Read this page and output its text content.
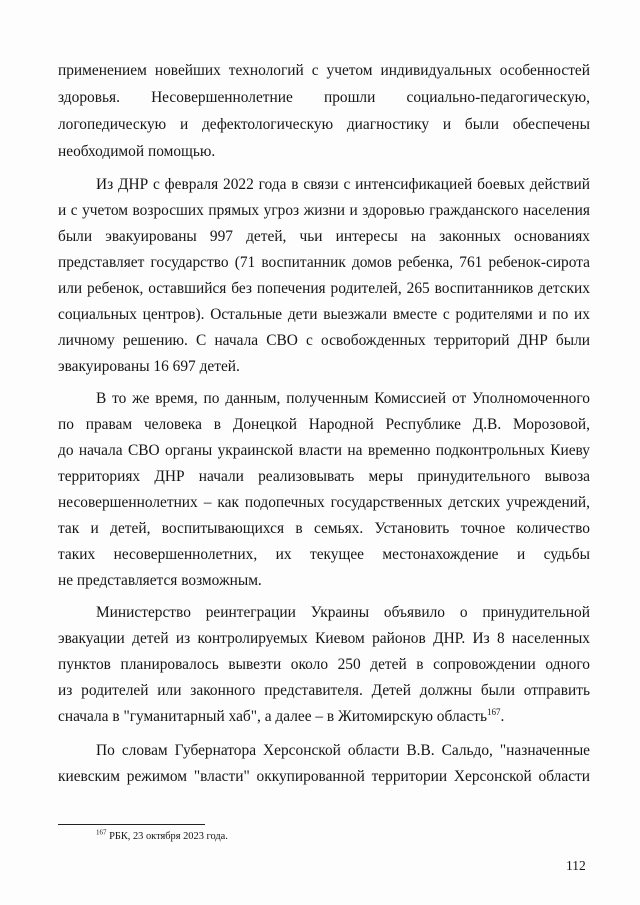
применением новейших технологий с учетом индивидуальных особенностей
здоровья. Несовершеннолетние прошли социально-педагогическую,
логопедическую и дефектологическую диагностику и были обеспечены
необходимой помощью.
Из ДНР с февраля 2022 года в связи с интенсификацией боевых действий
и с учетом возросших прямых угроз жизни и здоровью гражданского населения
были эвакуированы 997 детей, чьи интересы на законных основаниях
представляет государство (71 воспитанник домов ребенка, 761 ребенок-сирота
или ребенок, оставшийся без попечения родителей, 265 воспитанников детских
социальных центров). Остальные дети выезжали вместе с родителями и по их
личному решению. С начала СВО с освобожденных территорий ДНР были
эвакуированы 16 697 детей.
В то же время, по данным, полученным Комиссией от Уполномоченного
по правам человека в Донецкой Народной Республике Д.В. Морозовой,
до начала СВО органы украинской власти на временно подконтрольных Киеву
территориях ДНР начали реализовывать меры принудительного вывоза
несовершеннолетних – как подопечных государственных детских учреждений,
так и детей, воспитывающихся в семьях. Установить точное количество
таких несовершеннолетних, их текущее местонахождение и судьбы
не представляется возможным.
Министерство реинтеграции Украины объявило о принудительной
эвакуации детей из контролируемых Киевом районов ДНР. Из 8 населенных
пунктов планировалось вывезти около 250 детей в сопровождении одного
из родителей или законного представителя. Детей должны были отправить
сначала в "гуманитарный хаб", а далее – в Житомирскую область$^{167}$.
По словам Губернатора Херсонской области В.В. Сальдо, "назначенные
киевским режимом "власти" оккупированной территории Херсонской области
$^{167}$ РБК, 23 октября 2023 года.
112
